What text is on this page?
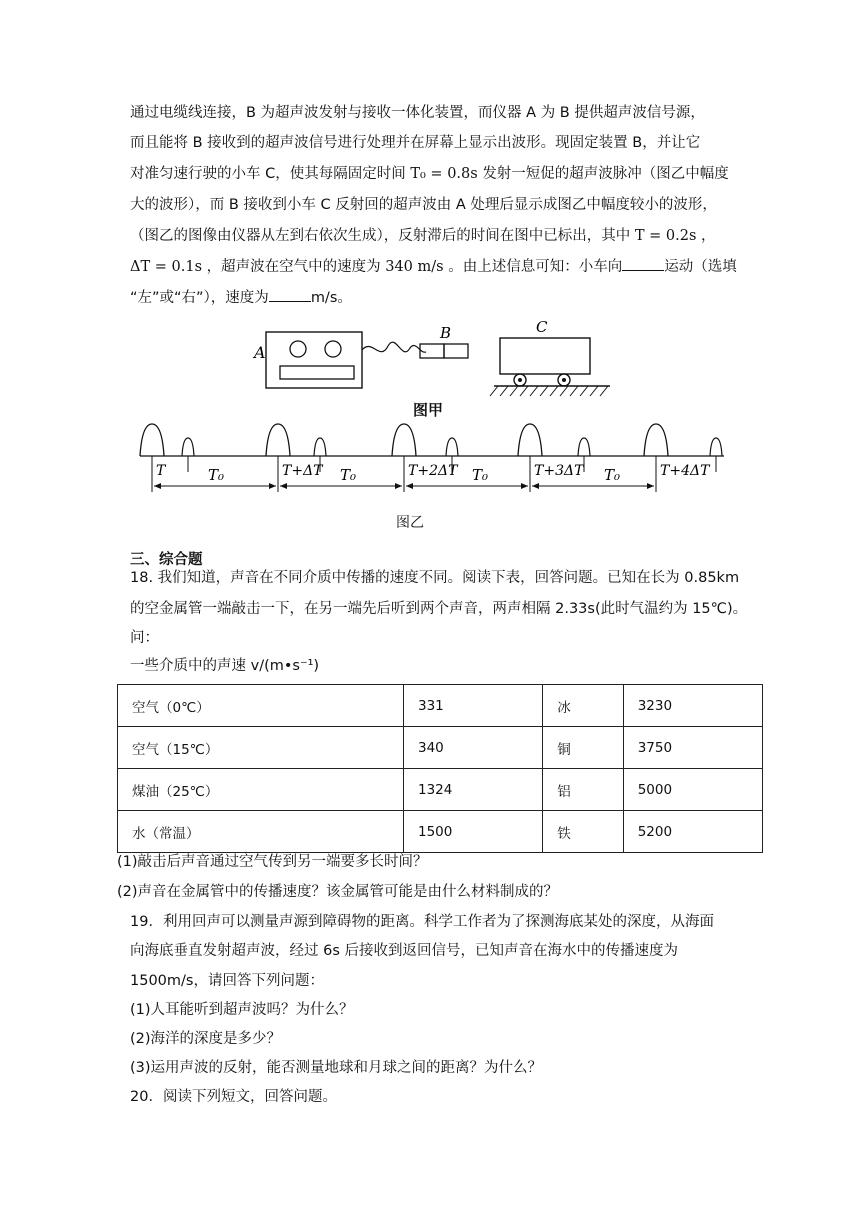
通过电缆线连接，B 为超声波发射与接收一体化装置，而仪器 A 为 B 提供超声波信号源，
而且能将 B 接收到的超声波信号进行处理并在屏幕上显示出波形。现固定装置 B，并让它
对准匀速行驶的小车 C，使其每隔固定时间 T₀ = 0.8s 发射一短促的超声波脉冲（图乙中幅度
大的波形），而 B 接收到小车 C 反射回的超声波由 A 处理后显示成图乙中幅度较小的波形，
（图乙的图像由仪器从左到右依次生成），反射滞后的时间在图中已标出，其中 T = 0.2s ，
ΔT = 0.1s ，超声波在空气中的速度为 340 m/s 。由上述信息可知：小车向	运动（选填
“左”或“右”），速度为	m/s。
A
B	C
图甲
T	T₀	T+ΔT T₀	T+2ΔT T₀	T+3ΔT T₀	T+4ΔT
图乙
三、综合题
18. 我们知道，声音在不同介质中传播的速度不同。阅读下表，回答问题。已知在长为 0.85km
的空金属管一端敲击一下，在另一端先后听到两个声音，两声相隔 2.33s(此时气温约为 15℃)。
问：
一些介质中的声速 v/(m•s⁻¹)
空气（0℃）	331	冰	3230
空气（15℃）	340	铜	3750
煤油（25℃）	1324	铝	5000
水（常温）	1500	铁	5200
(1)敲击后声音通过空气传到另一端要多长时间？
(2)声音在金属管中的传播速度？该金属管可能是由什么材料制成的？
19．利用回声可以测量声源到障碍物的距离。科学工作者为了探测海底某处的深度，从海面
向海底垂直发射超声波，经过 6s 后接收到返回信号，已知声音在海水中的传播速度为
1500m/s，请回答下列问题：
(1)人耳能听到超声波吗？为什么？
(2)海洋的深度是多少？
(3)运用声波的反射，能否测量地球和月球之间的距离？为什么？
20．阅读下列短文，回答问题。
